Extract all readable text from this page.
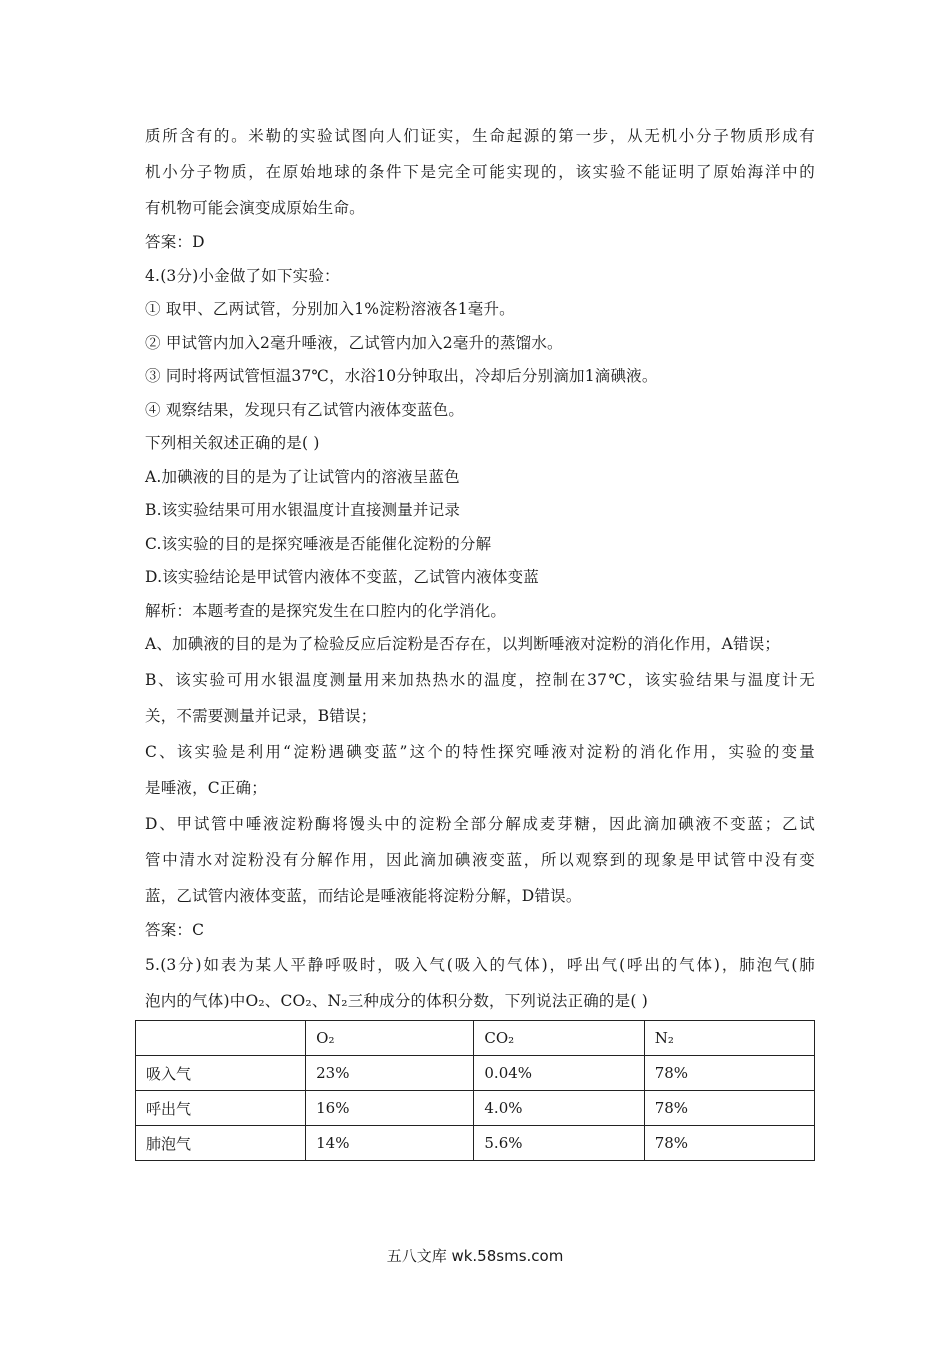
质所含有的。米勒的实验试图向人们证实，生命起源的第一步，从无机小分子物质形成有
机小分子物质，在原始地球的条件下是完全可能实现的，该实验不能证明了原始海洋中的
有机物可能会演变成原始生命。
答案：D
4.(3分)小金做了如下实验：
① 取甲、乙两试管，分别加入1%淀粉溶液各1毫升。
② 甲试管内加入2毫升唾液，乙试管内加入2毫升的蒸馏水。
③ 同时将两试管恒温37℃，水浴10分钟取出，冷却后分别滴加1滴碘液。
④ 观察结果，发现只有乙试管内液体变蓝色。
下列相关叙述正确的是( )
A.加碘液的目的是为了让试管内的溶液呈蓝色
B.该实验结果可用水银温度计直接测量并记录
C.该实验的目的是探究唾液是否能催化淀粉的分解
D.该实验结论是甲试管内液体不变蓝，乙试管内液体变蓝
解析：本题考查的是探究发生在口腔内的化学消化。
A、加碘液的目的是为了检验反应后淀粉是否存在，以判断唾液对淀粉的消化作用，A错误；
B、该实验可用水银温度测量用来加热热水的温度，控制在37℃，该实验结果与温度计无
关，不需要测量并记录，B错误；
C、该实验是利用“淀粉遇碘变蓝”这个的特性探究唾液对淀粉的消化作用，实验的变量
是唾液，C正确；
D、甲试管中唾液淀粉酶将馒头中的淀粉全部分解成麦芽糖，因此滴加碘液不变蓝；乙试
管中清水对淀粉没有分解作用，因此滴加碘液变蓝，所以观察到的现象是甲试管中没有变
蓝，乙试管内液体变蓝，而结论是唾液能将淀粉分解，D错误。
答案：C
5.(3分)如表为某人平静呼吸时，吸入气(吸入的气体)，呼出气(呼出的气体)，肺泡气(肺
泡内的气体)中O₂、CO₂、N₂三种成分的体积分数，下列说法正确的是( )
	O₂	CO₂	N₂
吸入气	23%	0.04%	78%
呼出气	16%	4.0%	78%
肺泡气	14%	5.6%	78%
五八文库 wk.58sms.com
